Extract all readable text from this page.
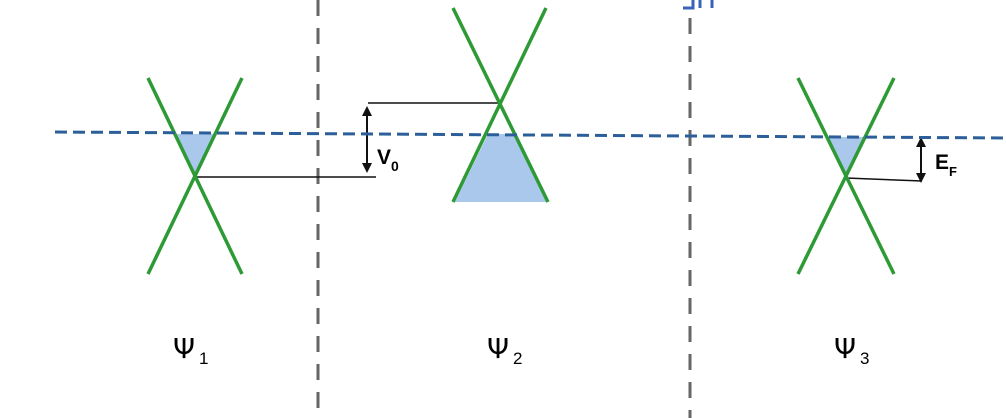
$V_0$	$E_F$
Ψ 1	Ψ 2	Ψ 3
